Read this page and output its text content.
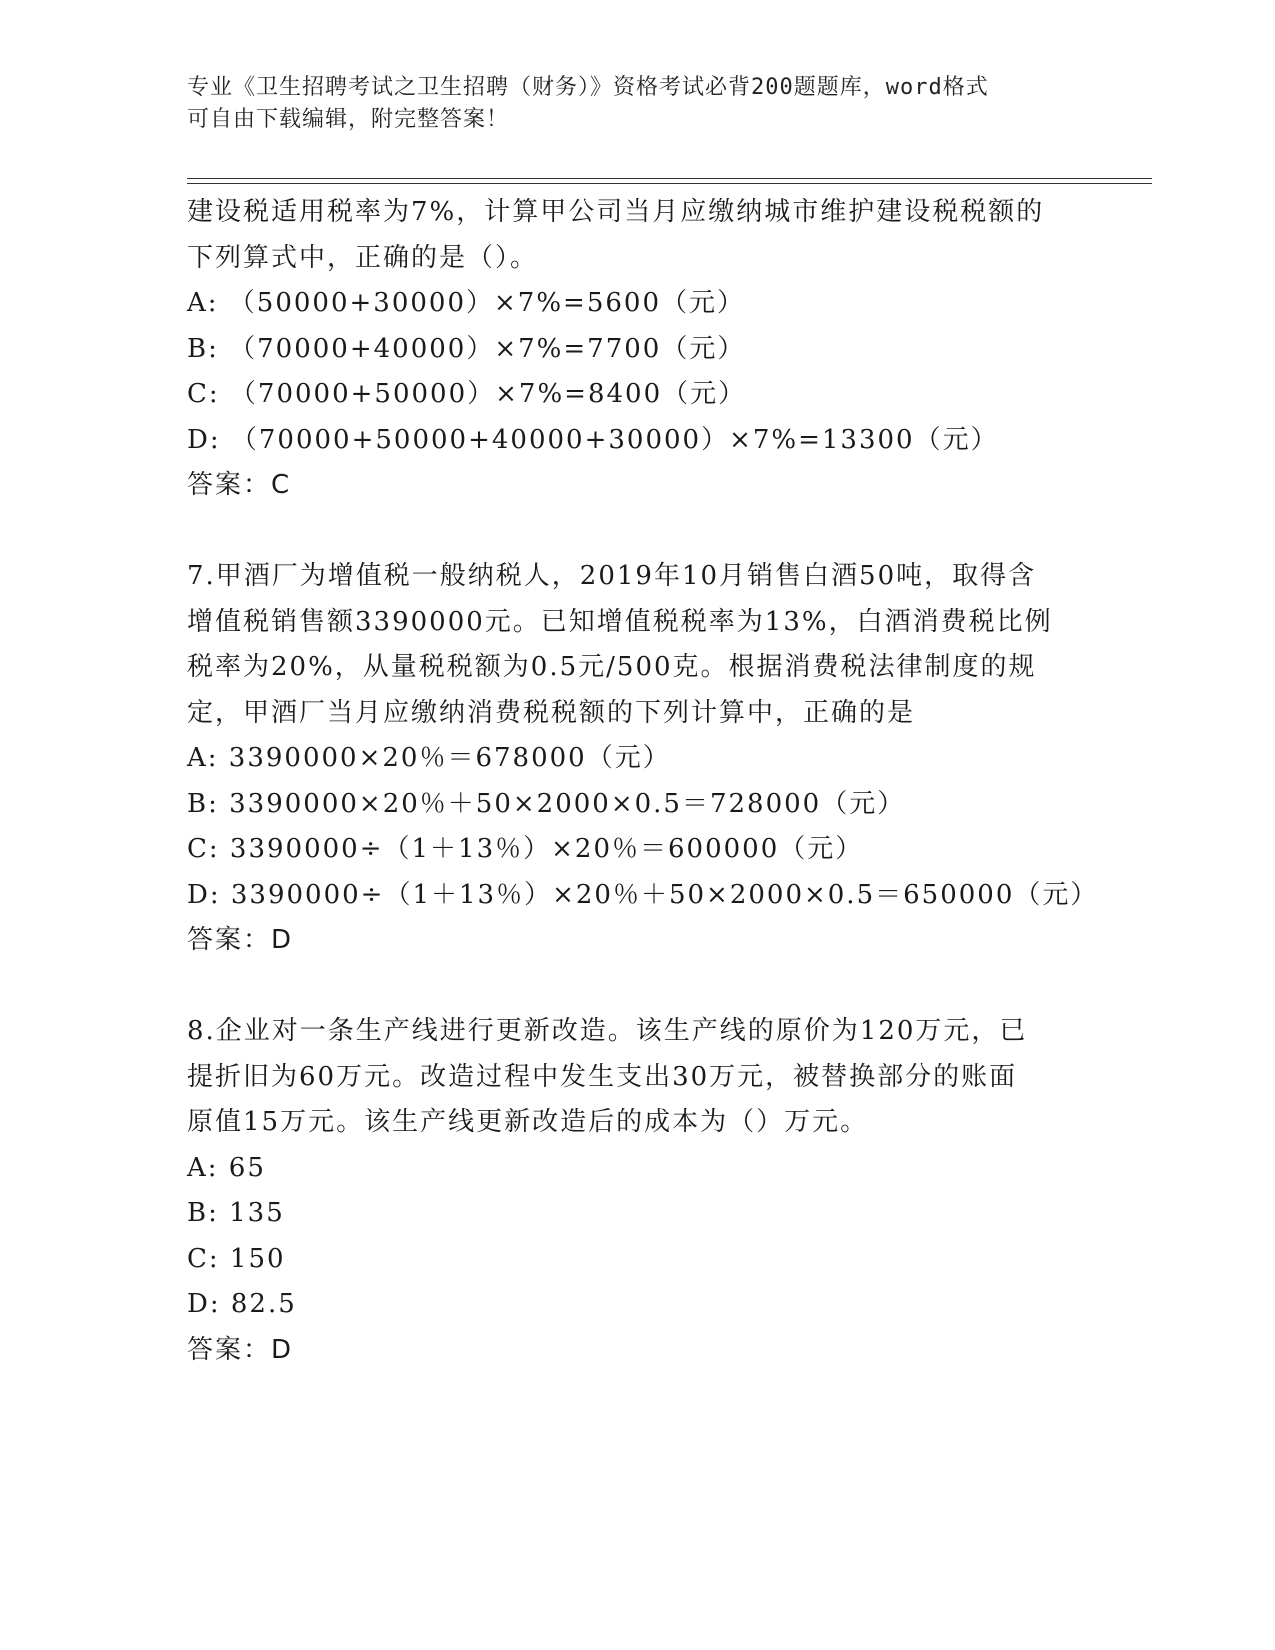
专业《卫生招聘考试之卫生招聘（财务）》资格考试必背200题题库，word格式

可自由下载编辑，附完整答案！

建设税适用税率为7%，计算甲公司当月应缴纳城市维护建设税税额的
下列算式中，正确的是（）。
A: （50000+30000）×7%=5600（元）
B: （70000+40000）×7%=7700（元）
C: （70000+50000）×7%=8400（元）
D: （70000+50000+40000+30000）×7%=13300（元）
答案：C
7.甲酒厂为增值税一般纳税人，2019年10月销售白酒50吨，取得含
增值税销售额3390000元。已知增值税税率为13%，白酒消费税比例
税率为20%，从量税税额为0.5元/500克。根据消费税法律制度的规
定，甲酒厂当月应缴纳消费税税额的下列计算中，正确的是
A: 3390000×20％＝678000（元）
B: 3390000×20％＋50×2000×0.5＝728000（元）
C: 3390000÷（1＋13％）×20％＝600000（元）
D: 3390000÷（1＋13％）×20％＋50×2000×0.5＝650000（元）
答案：D
8.企业对一条生产线进行更新改造。该生产线的原价为120万元，已
提折旧为60万元。改造过程中发生支出30万元，被替换部分的账面
原值15万元。该生产线更新改造后的成本为（）万元。
A: 65
B: 135
C: 150
D: 82.5
答案：D
